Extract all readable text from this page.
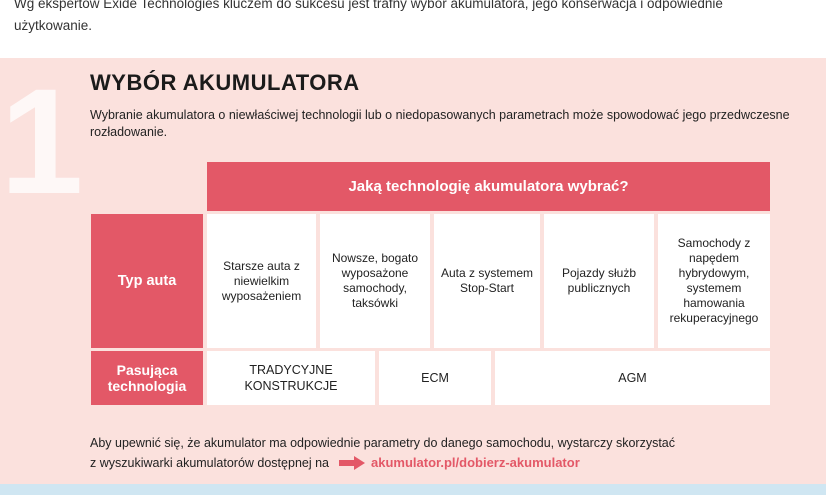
Wg ekspertów Exide Technologies kluczem do sukcesu jest trafny wybór akumulatora, jego konserwacja i odpowiednie użytkowanie.
1 WYBÓR AKUMULATORA
Wybranie akumulatora o niewłaściwej technologii lub o niedopasowanych parametrach może spowodować jego przedwczesne rozładowanie.
Jaką technologię akumulatora wybrać?
Typ auta
Starsze auta z niewielkim wyposażeniem
Nowsze, bogato wyposażone samochody, taksówki
Auta z systemem Stop-Start
Pojazdy służb publicznych
Samochody z napędem hybrydowym, systemem hamowania rekuperacyjnego
Pasująca technologia
TRADYCYJNE KONSTRUKCJE
ECM	AGM
Aby upewnić się, że akumulator ma odpowiednie parametry do danego samochodu, wystarczy skorzystać
z wyszukiwarki akumulatorów dostępnej na	akumulator.pl/dobierz-akumulator
